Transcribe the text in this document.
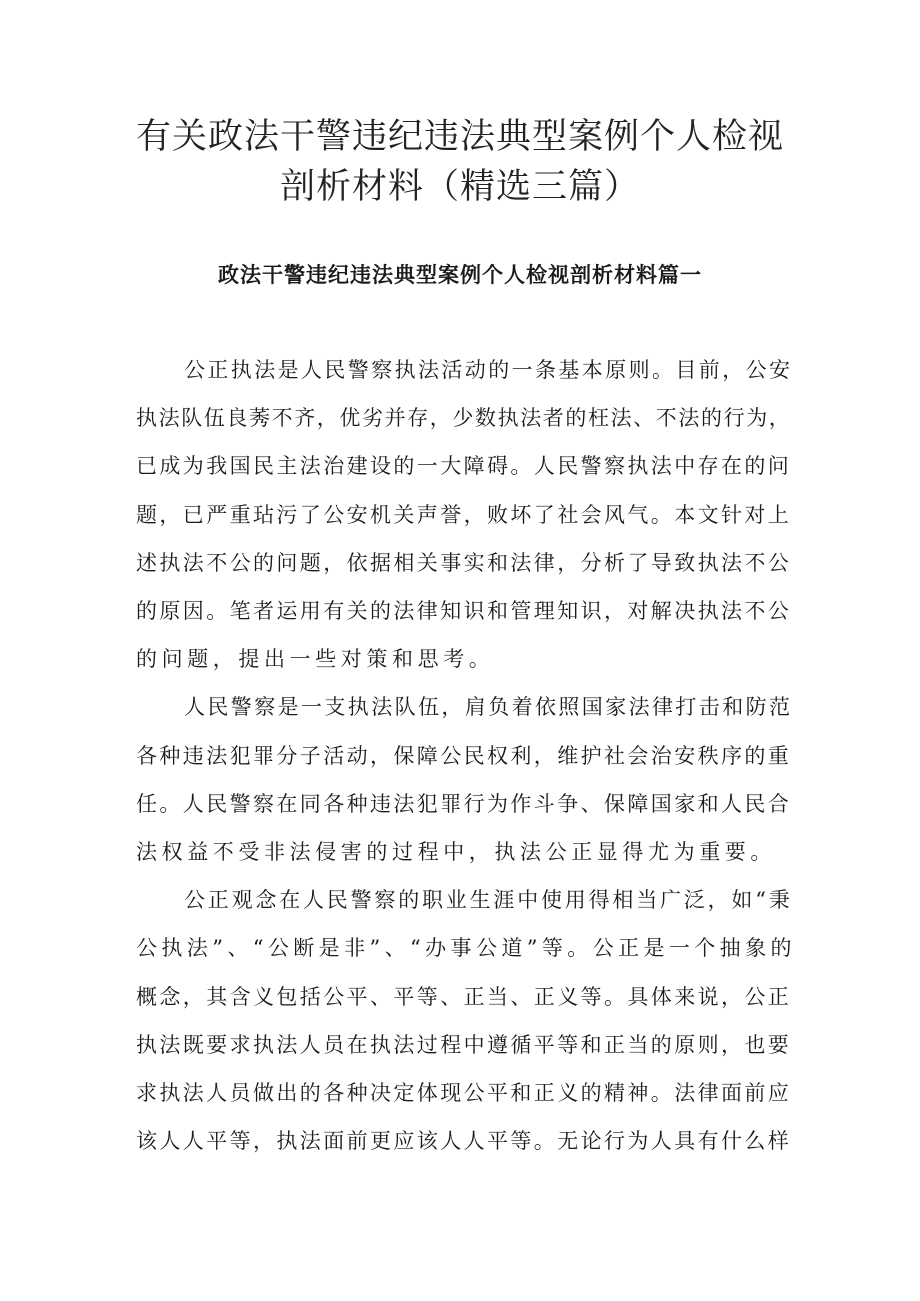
有关政法干警违纪违法典型案例个人检视
剖析材料（精选三篇）
政法干警违纪违法典型案例个人检视剖析材料篇一

公正执法是人民警察执法活动的一条基本原则。目前，公安
执法队伍良莠不齐，优劣并存，少数执法者的枉法、不法的行为，
已成为我国民主法治建设的一大障碍。人民警察执法中存在的问
题，已严重玷污了公安机关声誉，败坏了社会风气。本文针对上
述执法不公的问题，依据相关事实和法律，分析了导致执法不公
的原因。笔者运用有关的法律知识和管理知识，对解决执法不公
的问题，提出一些对策和思考。

人民警察是一支执法队伍，肩负着依照国家法律打击和防范
各种违法犯罪分子活动，保障公民权利，维护社会治安秩序的重
任。人民警察在同各种违法犯罪行为作斗争、保障国家和人民合
法权益不受非法侵害的过程中，执法公正显得尤为重要。

公正观念在人民警察的职业生涯中使用得相当广泛，如“秉
公执法”、“公断是非”、“办事公道”等。公正是一个抽象的
概念，其含义包括公平、平等、正当、正义等。具体来说，公正
执法既要求执法人员在执法过程中遵循平等和正当的原则，也要
求执法人员做出的各种决定体现公平和正义的精神。法律面前应
该人人平等，执法面前更应该人人平等。无论行为人具有什么样
